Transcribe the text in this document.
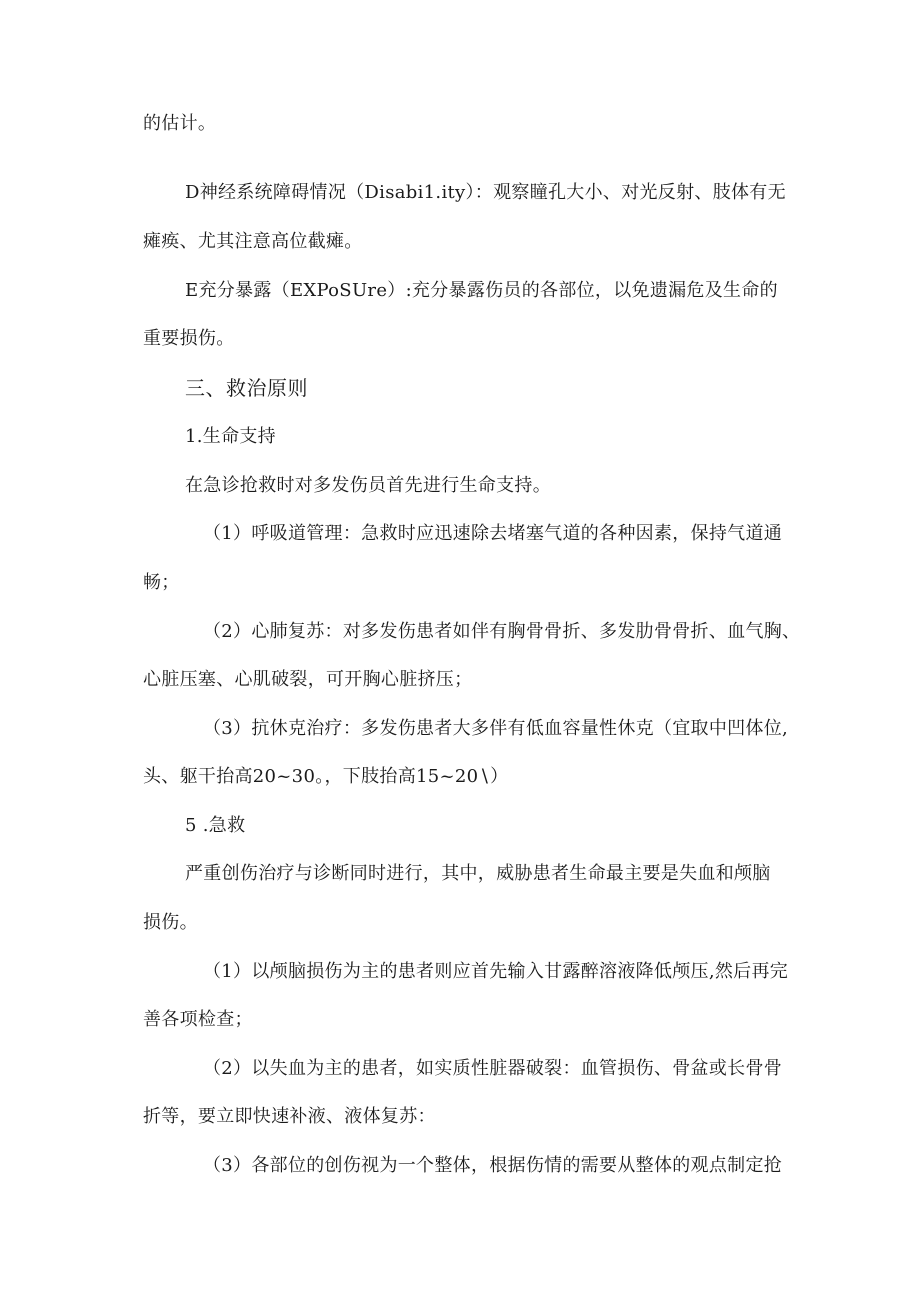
的估计。
D神经系统障碍情况（Disabi1.ity）：观察瞳孔大小、对光反射、肢体有无
瘫痪、尤其注意高位截瘫。
E充分暴露（EXPoSUre）:充分暴露伤员的各部位，以免遗漏危及生命的
重要损伤。
三、救治原则
1.生命支持
在急诊抢救时对多发伤员首先进行生命支持。
（1）呼吸道管理：急救时应迅速除去堵塞气道的各种因素，保持气道通
畅；
（2）心肺复苏：对多发伤患者如伴有胸骨骨折、多发肋骨骨折、血气胸、
心脏压塞、心肌破裂，可开胸心脏挤压；
（3）抗休克治疗：多发伤患者大多伴有低血容量性休克（宜取中凹体位,
头、躯干抬高20~30。，下肢抬高15~20∖）
5 .急救
严重创伤治疗与诊断同时进行，其中，威胁患者生命最主要是失血和颅脑
损伤。
（1）以颅脑损伤为主的患者则应首先输入甘露醉溶液降低颅压,然后再完
善各项检查；
（2）以失血为主的患者，如实质性脏器破裂：血管损伤、骨盆或长骨骨
折等，要立即快速补液、液体复苏：
（3）各部位的创伤视为一个整体，根据伤情的需要从整体的观点制定抢
